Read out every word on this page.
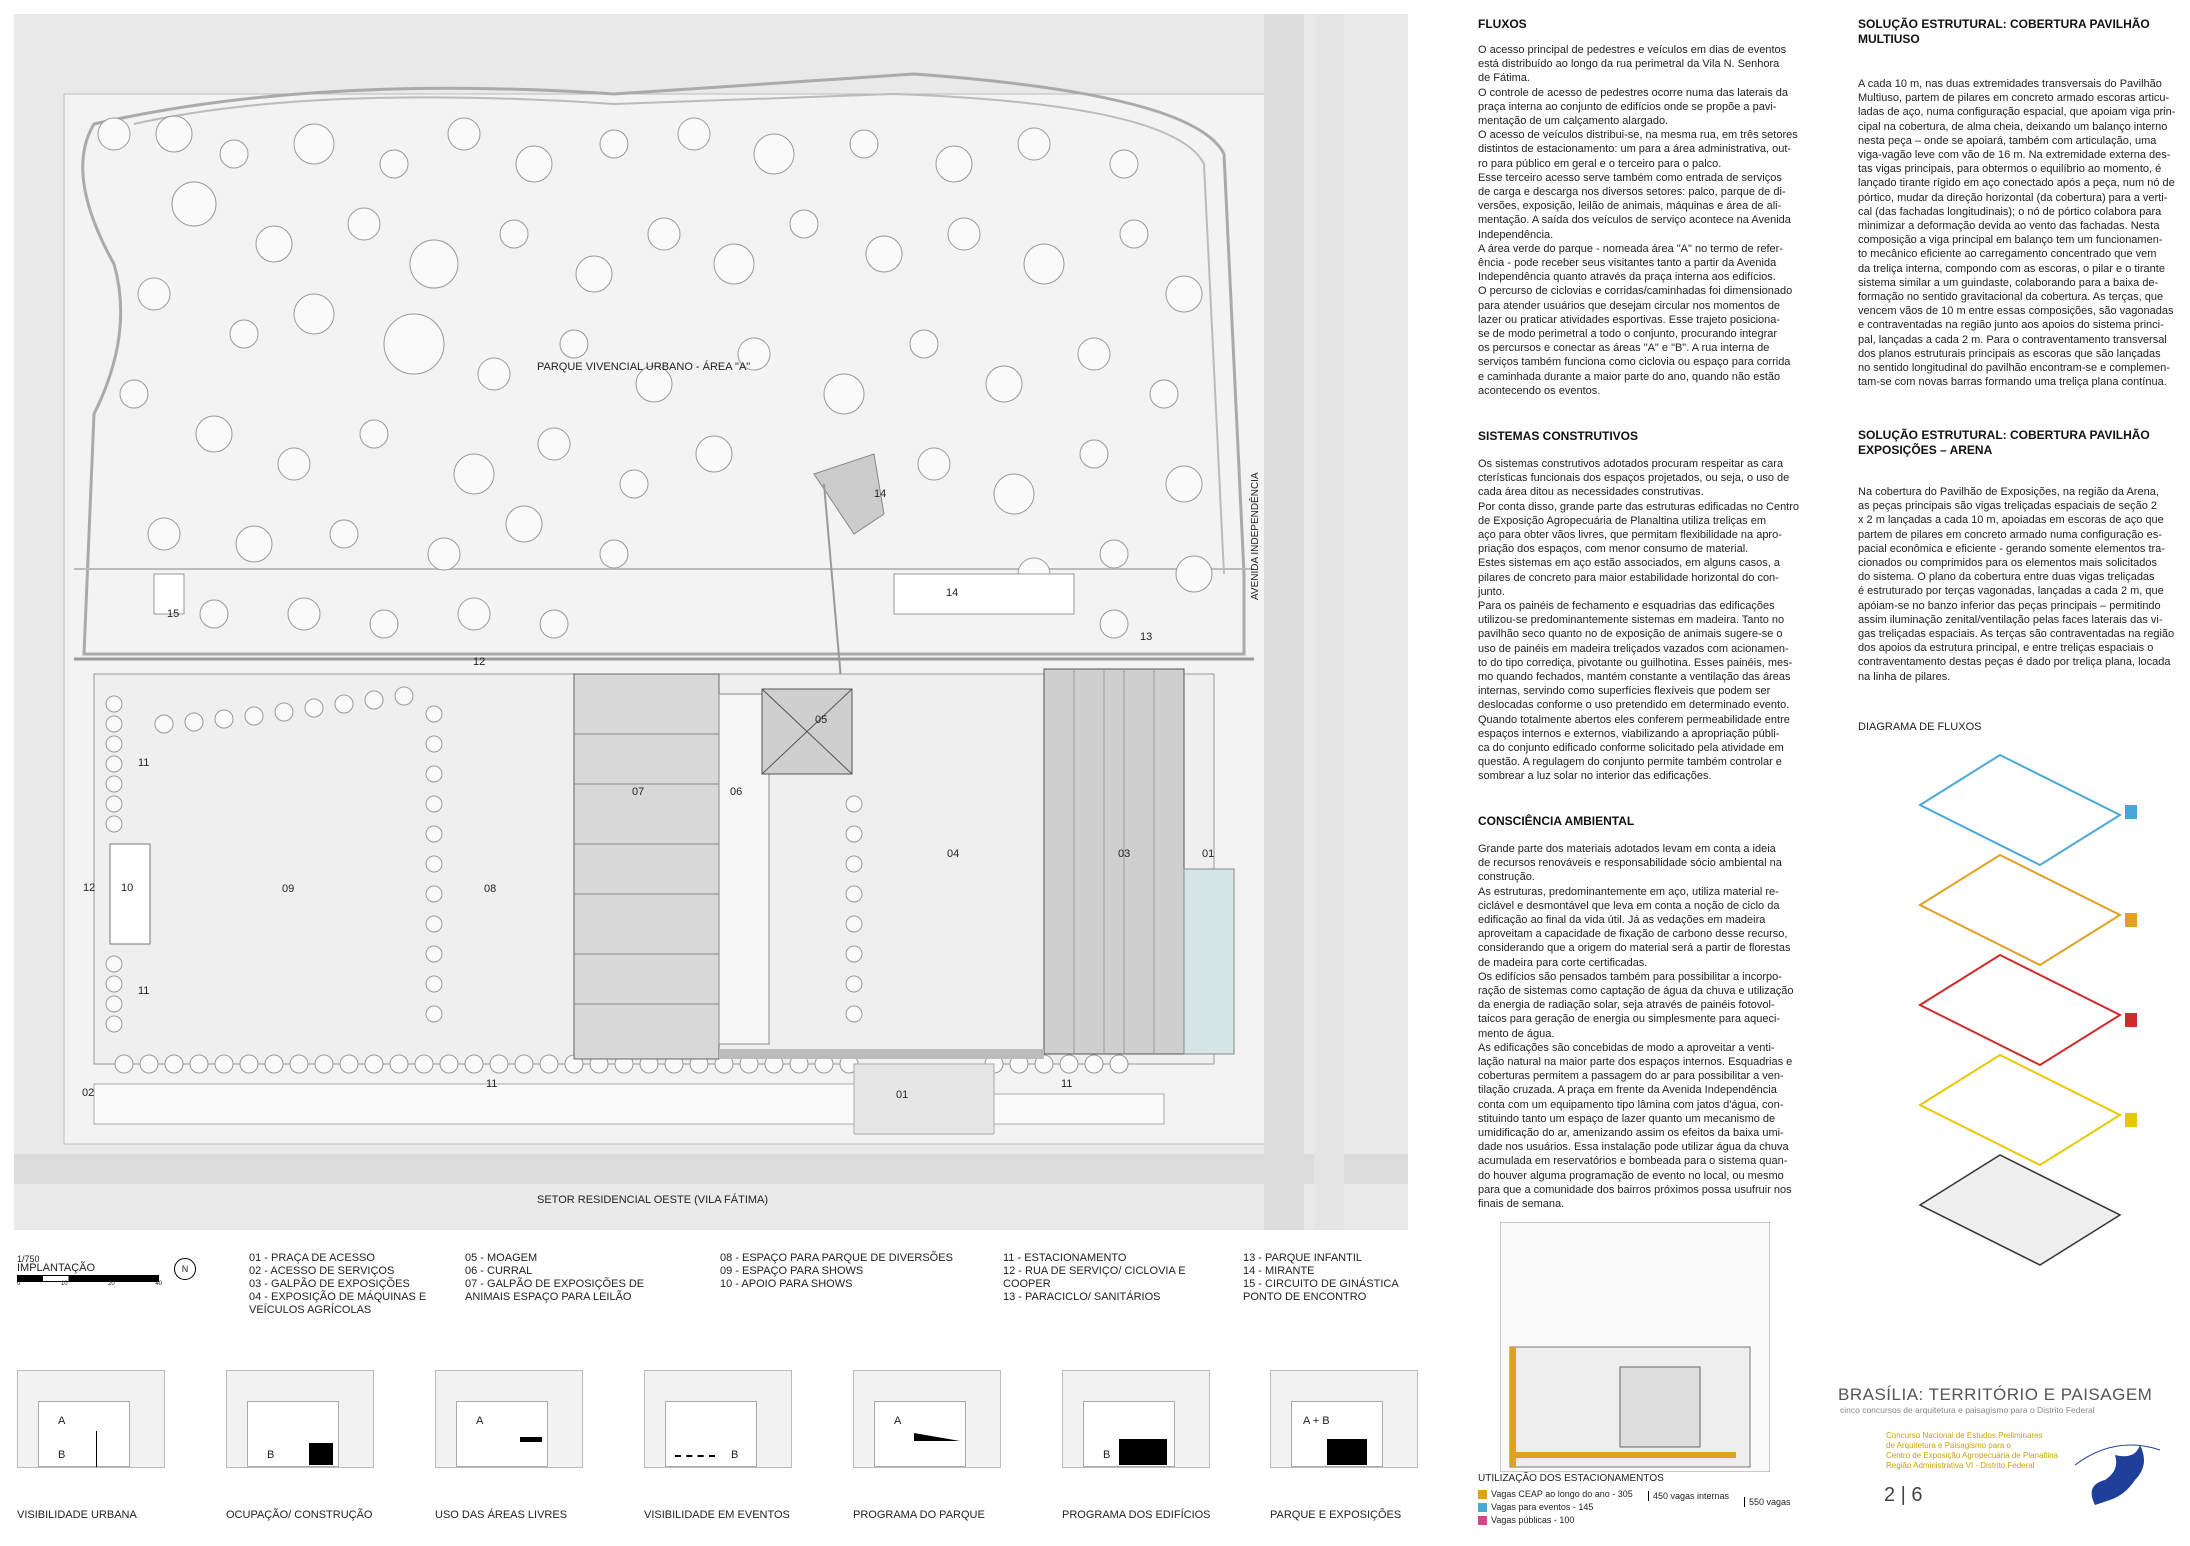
PARQUE VIVENCIAL URBANO - ÁREA "A"
AVENIDA INDEPENDÊNCIA
SETOR RESIDENCIAL OESTE (VILA FÁTIMA)
14
14
15
13
12
05
07	06
11
12 10	09	08
04	03	01
11
02
11
01
11
1/750
IMPLANTAÇÃO
0	10	20	40
N
01 - PRAÇA DE ACESSO
02 - ACESSO DE SERVIÇOS
03 - GALPÃO DE EXPOSIÇÕES
04 - EXPOSIÇÃO DE MÁQUINAS E
VEÍCULOS AGRÍCOLAS
05 - MOAGEM
06 - CURRAL
07 - GALPÃO DE EXPOSIÇÕES DE
ANIMAIS ESPAÇO PARA LEILÃO
08 - ESPAÇO PARA PARQUE DE DIVERSÕES
09 - ESPAÇO PARA SHOWS
10 - APOIO PARA SHOWS
11 - ESTACIONAMENTO
12 - RUA DE SERVIÇO/ CICLOVIA E
COOPER
13 - PARACICLO/ SANITÁRIOS
13 - PARQUE INFANTIL
14 - MIRANTE
15 - CIRCUITO DE GINÁSTICA
PONTO DE ENCONTRO
A
B
VISIBILIDADE URBANA
B
OCUPAÇÃO/ CONSTRUÇÃO
A
USO DAS ÁREAS LIVRES
B
VISIBILIDADE EM EVENTOS
A
PROGRAMA DO PARQUE
B
PROGRAMA DOS EDIFÍCIOS
A + B
PARQUE E EXPOSIÇÕES
FLUXOS
O acesso principal de pedestres e veículos em dias de eventos
está distribuído ao longo da rua perimetral da Vila N. Senhora
de Fátima.
O controle de acesso de pedestres ocorre numa das laterais da
praça interna ao conjunto de edifícios onde se propõe a pavi-
mentação de um calçamento alargado.
O acesso de veículos distribui-se, na mesma rua, em três setores
distintos de estacionamento: um para a área administrativa, out-
ro para público em geral e o terceiro para o palco.
Esse terceiro acesso serve também como entrada de serviços
de carga e descarga nos diversos setores: palco, parque de di-
versões, exposição, leilão de animais, máquinas e área de ali-
mentação. A saída dos veículos de serviço acontece na Avenida
Independência.
A área verde do parque - nomeada área "A" no termo de refer-
ência - pode receber seus visitantes tanto a partir da Avenida
Independência quanto através da praça interna aos edifícios.
O percurso de ciclovias e corridas/caminhadas foi dimensionado
para atender usuários que desejam circular nos momentos de
lazer ou praticar atividades esportivas. Esse trajeto posiciona-
se de modo perimetral a todo o conjunto, procurando integrar
os percursos e conectar as áreas "A" e "B". A rua interna de
serviços também funciona como ciclovia ou espaço para corrida
e caminhada durante a maior parte do ano, quando não estão
acontecendo os eventos.
SISTEMAS CONSTRUTIVOS
Os sistemas construtivos adotados procuram respeitar as cara
cterísticas funcionais dos espaços projetados, ou seja, o uso de
cada área ditou as necessidades construtivas.
Por conta disso, grande parte das estruturas edificadas no Centro
de Exposição Agropecuária de Planaltina utiliza treliças em
aço para obter vãos livres, que permitam flexibilidade na apro-
priação dos espaços, com menor consumo de material.
Estes sistemas em aço estão associados, em alguns casos, a
pilares de concreto para maior estabilidade horizontal do con-
junto.
Para os painéis de fechamento e esquadrias das edificações
utilizou-se predominantemente sistemas em madeira. Tanto no
pavilhão seco quanto no de exposição de animais sugere-se o
uso de painéis em madeira treliçados vazados com acionamen-
to do tipo corrediça, pivotante ou guilhotina. Esses painéis, mes-
mo quando fechados, mantém constante a ventilação das áreas
internas, servindo como superfícies flexíveis que podem ser
deslocadas conforme o uso pretendido em determinado evento.
Quando totalmente abertos eles conferem permeabilidade entre
espaços internos e externos, viabilizando a apropriação públi-
ca do conjunto edificado conforme solicitado pela atividade em
questão. A regulagem do conjunto permite também controlar e
sombrear a luz solar no interior das edificações.
CONSCIÊNCIA AMBIENTAL
Grande parte dos materiais adotados levam em conta a ideia
de recursos renováveis e responsabilidade sócio ambiental na
construção.
As estruturas, predominantemente em aço, utiliza material re-
ciclável e desmontável que leva em conta a noção de ciclo da
edificação ao final da vida útil. Já as vedações em madeira
aproveitam a capacidade de fixação de carbono desse recurso,
considerando que a origem do material será a partir de florestas
de madeira para corte certificadas.
Os edifícios são pensados também para possibilitar a incorpo-
ração de sistemas como captação de água da chuva e utilização
da energia de radiação solar, seja através de painéis fotovol-
taicos para geração de energia ou simplesmente para aqueci-
mento de água.
As edificações são concebidas de modo a aproveitar a venti-
lação natural na maior parte dos espaços internos. Esquadrias e
coberturas permitem a passagem do ar para possibilitar a ven-
tilação cruzada. A praça em frente da Avenida Independência
conta com um equipamento tipo lâmina com jatos d'água, con-
stituindo tanto um espaço de lazer quanto um mecanismo de
umidificação do ar, amenizando assim os efeitos da baixa umi-
dade nos usuários. Essa instalação pode utilizar água da chuva
acumulada em reservatórios e bombeada para o sistema quan-
do houver alguma programação de evento no local, ou mesmo
para que a comunidade dos bairros próximos possa usufruir nos
finais de semana.
SOLUÇÃO ESTRUTURAL: COBERTURA PAVILHÃO
MULTIUSO
A cada 10 m, nas duas extremidades transversais do Pavilhão
Multiuso, partem de pilares em concreto armado escoras articu-
ladas de aço, numa configuração espacial, que apoiam viga prin-
cipal na cobertura, de alma cheia, deixando um balanço interno
nesta peça – onde se apoiará, também com articulação, uma
viga-vagão leve com vão de 16 m. Na extremidade externa des-
tas vigas principais, para obtermos o equilíbrio ao momento, é
lançado tirante rígido em aço conectado após a peça, num nó de
pórtico, mudar da direção horizontal (da cobertura) para a verti-
cal (das fachadas longitudinais); o nó de pórtico colabora para
minimizar a deformação devida ao vento das fachadas. Nesta
composição a viga principal em balanço tem um funcionamen-
to mecânico eficiente ao carregamento concentrado que vem
da treliça interna, compondo com as escoras, o pilar e o tirante
sistema similar a um guindaste, colaborando para a baixa de-
formação no sentido gravitacional da cobertura. As terças, que
vencem vãos de 10 m entre essas composições, são vagonadas
e contraventadas na região junto aos apoios do sistema princi-
pal, lançadas a cada 2 m. Para o contraventamento transversal
dos planos estruturais principais as escoras que são lançadas
no sentido longitudinal do pavilhão encontram-se e complemen-
tam-se com novas barras formando uma treliça plana contínua.
SOLUÇÃO ESTRUTURAL: COBERTURA PAVILHÃO
EXPOSIÇÕES – ARENA
Na cobertura do Pavilhão de Exposições, na região da Arena,
as peças principais são vigas treliçadas espaciais de seção 2
x 2 m lançadas a cada 10 m, apoiadas em escoras de aço que
partem de pilares em concreto armado numa configuração es-
pacial econômica e eficiente - gerando somente elementos tra-
cionados ou comprimidos para os elementos mais solicitados
do sistema. O plano da cobertura entre duas vigas treliçadas
é estruturado por terças vagonadas, lançadas a cada 2 m, que
apóiam-se no banzo inferior das peças principais – permitindo
assim iluminação zenital/ventilação pelas faces laterais das vi-
gas treliçadas espaciais. As terças são contraventadas na região
dos apoios da estrutura principal, e entre treliças espaciais o
contraventamento destas peças é dado por treliça plana, locada
na linha de pilares.
DIAGRAMA DE FLUXOS
UTILIZAÇÃO DOS ESTACIONAMENTOS
Vagas CEAP ao longo do ano - 305
Vagas para eventos - 145
Vagas públicas - 100
450 vagas internas
550 vagas
BRASÍLIA: TERRITÓRIO E PAISAGEM
cinco concursos de arquitetura e paisagismo para o Distrito Federal
Concurso Nacional de Estudos Preliminares
de Arquitetura e Paisagismo para o
Centro de Exposição Agropecuária de Planaltina
Região Administrativa VI - Distrito Federal
2 | 6
